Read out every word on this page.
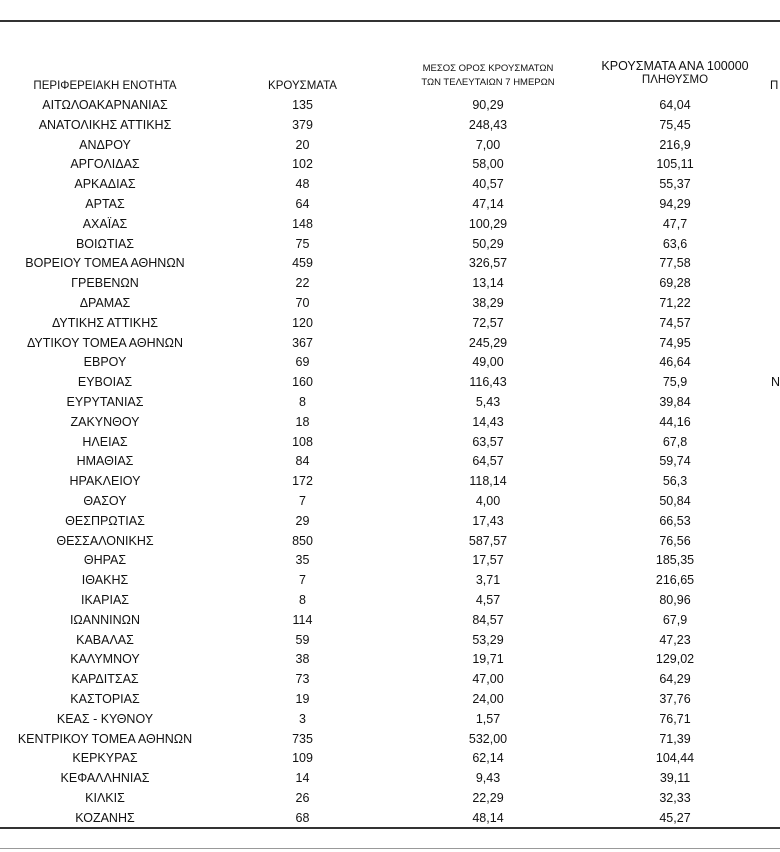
ΠΕΡΙΦΕΡΕΙΑΚΗ ΕΝΟΤΗΤΑ	ΚΡΟΥΣΜΑΤΑ
ΜΕΣΟΣ ΟΡΟΣ ΚΡΟΥΣΜΑΤΩΝ
ΤΩΝ ΤΕΛΕΥΤΑΙΩΝ 7 ΗΜΕΡΩΝ
ΚΡΟΥΣΜΑΤΑ ΑΝΑ 100000
ΠΛΗΘΥΣΜΟ	Π
ΑΙΤΩΛΟΑΚΑΡΝΑΝΙΑΣ	135	90,29	64,04
ΑΝΑΤΟΛΙΚΗΣ ΑΤΤΙΚΗΣ	379	248,43	75,45
ΑΝΔΡΟΥ	20	7,00	216,9
ΑΡΓΟΛΙΔΑΣ	102	58,00	105,11
ΑΡΚΑΔΙΑΣ	48	40,57	55,37
ΑΡΤΑΣ	64	47,14	94,29
ΑΧΑΪΑΣ	148	100,29	47,7
ΒΟΙΩΤΙΑΣ	75	50,29	63,6
ΒΟΡΕΙΟΥ ΤΟΜΕΑ ΑΘΗΝΩΝ	459	326,57	77,58
ΓΡΕΒΕΝΩΝ	22	13,14	69,28
ΔΡΑΜΑΣ	70	38,29	71,22
ΔΥΤΙΚΗΣ ΑΤΤΙΚΗΣ	120	72,57	74,57
ΔΥΤΙΚΟΥ ΤΟΜΕΑ ΑΘΗΝΩΝ	367	245,29	74,95
ΕΒΡΟΥ	69	49,00	46,64
ΕΥΒΟΙΑΣ	160	116,43	75,9	Ν
ΕΥΡΥΤΑΝΙΑΣ	8	5,43	39,84
ΖΑΚΥΝΘΟΥ	18	14,43	44,16
ΗΛΕΙΑΣ	108	63,57	67,8
ΗΜΑΘΙΑΣ	84	64,57	59,74
ΗΡΑΚΛΕΙΟΥ	172	118,14	56,3
ΘΑΣΟΥ	7	4,00	50,84
ΘΕΣΠΡΩΤΙΑΣ	29	17,43	66,53
ΘΕΣΣΑΛΟΝΙΚΗΣ	850	587,57	76,56
ΘΗΡΑΣ	35	17,57	185,35
ΙΘΑΚΗΣ	7	3,71	216,65
ΙΚΑΡΙΑΣ	8	4,57	80,96
ΙΩΑΝΝΙΝΩΝ	114	84,57	67,9
ΚΑΒΑΛΑΣ	59	53,29	47,23
ΚΑΛΥΜΝΟΥ	38	19,71	129,02
ΚΑΡΔΙΤΣΑΣ	73	47,00	64,29
ΚΑΣΤΟΡΙΑΣ	19	24,00	37,76
ΚΕΑΣ - ΚΥΘΝΟΥ	3	1,57	76,71
ΚΕΝΤΡΙΚΟΥ ΤΟΜΕΑ ΑΘΗΝΩΝ	735	532,00	71,39
ΚΕΡΚΥΡΑΣ	109	62,14	104,44
ΚΕΦΑΛΛΗΝΙΑΣ	14	9,43	39,11
ΚΙΛΚΙΣ	26	22,29	32,33
ΚΟΖΑΝΗΣ	68	48,14	45,27
